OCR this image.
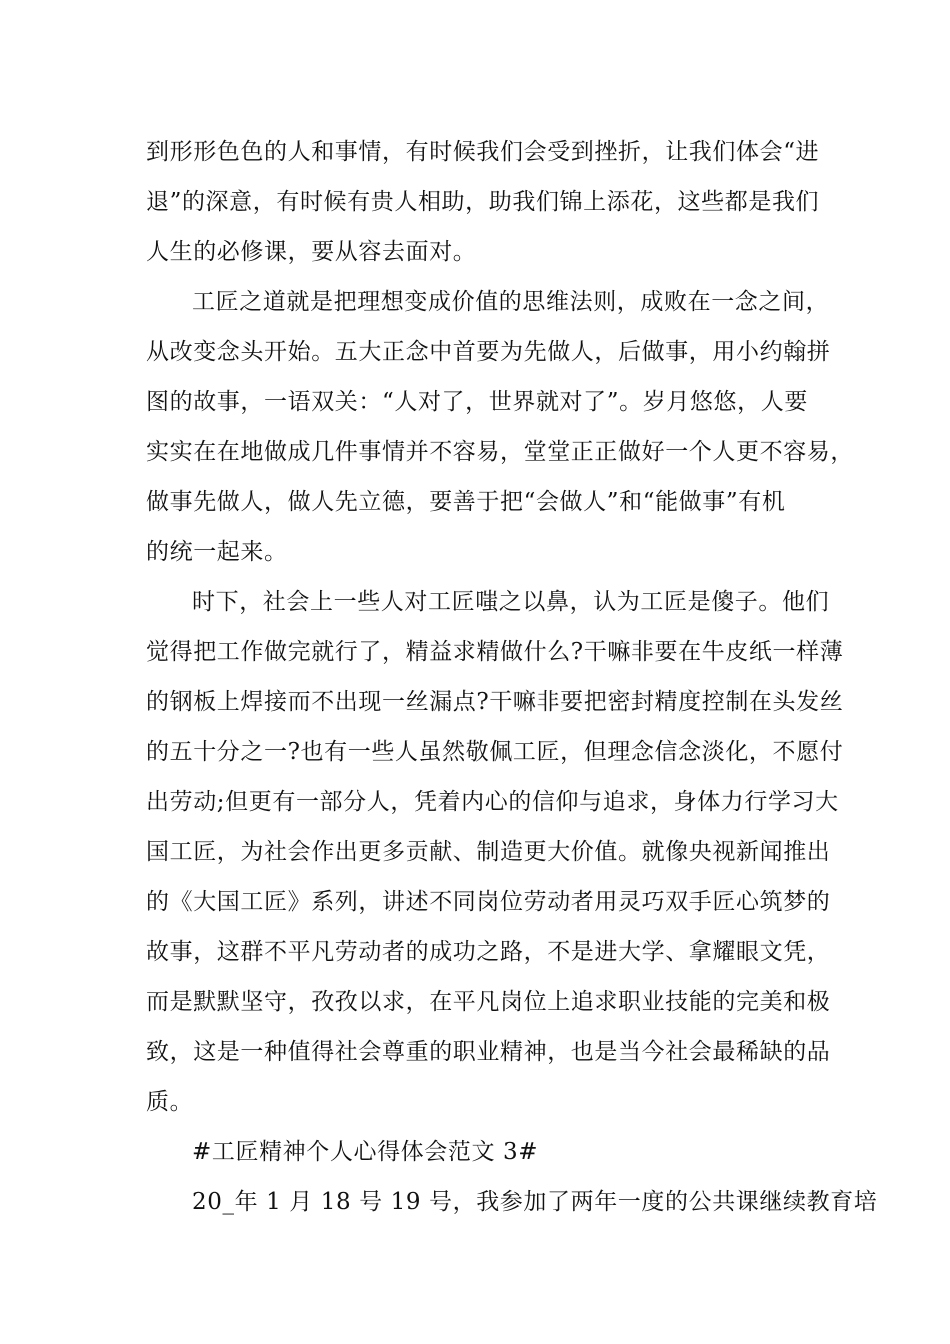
到形形色色的人和事情，有时候我们会受到挫折，让我们体会“进
退”的深意，有时候有贵人相助，助我们锦上添花，这些都是我们
人生的必修课，要从容去面对。
工匠之道就是把理想变成价值的思维法则，成败在一念之间，
从改变念头开始。五大正念中首要为先做人，后做事，用小约翰拼
图的故事，一语双关：“人对了，世界就对了”。岁月悠悠，人要
实实在在地做成几件事情并不容易，堂堂正正做好一个人更不容易，
做事先做人，做人先立德，要善于把“会做人”和“能做事”有机
的统一起来。
时下，社会上一些人对工匠嗤之以鼻，认为工匠是傻子。他们
觉得把工作做完就行了，精益求精做什么?干嘛非要在牛皮纸一样薄
的钢板上焊接而不出现一丝漏点?干嘛非要把密封精度控制在头发丝
的五十分之一?也有一些人虽然敬佩工匠，但理念信念淡化，不愿付
出劳动;但更有一部分人，凭着内心的信仰与追求，身体力行学习大
国工匠，为社会作出更多贡献、制造更大价值。就像央视新闻推出
的《大国工匠》系列，讲述不同岗位劳动者用灵巧双手匠心筑梦的
故事，这群不平凡劳动者的成功之路，不是进大学、拿耀眼文凭，
而是默默坚守，孜孜以求，在平凡岗位上追求职业技能的完美和极
致，这是一种值得社会尊重的职业精神，也是当今社会最稀缺的品
质。
#工匠精神个人心得体会范文 3#
20_年 1 月 18 号 19 号，我参加了两年一度的公共课继续教育培
